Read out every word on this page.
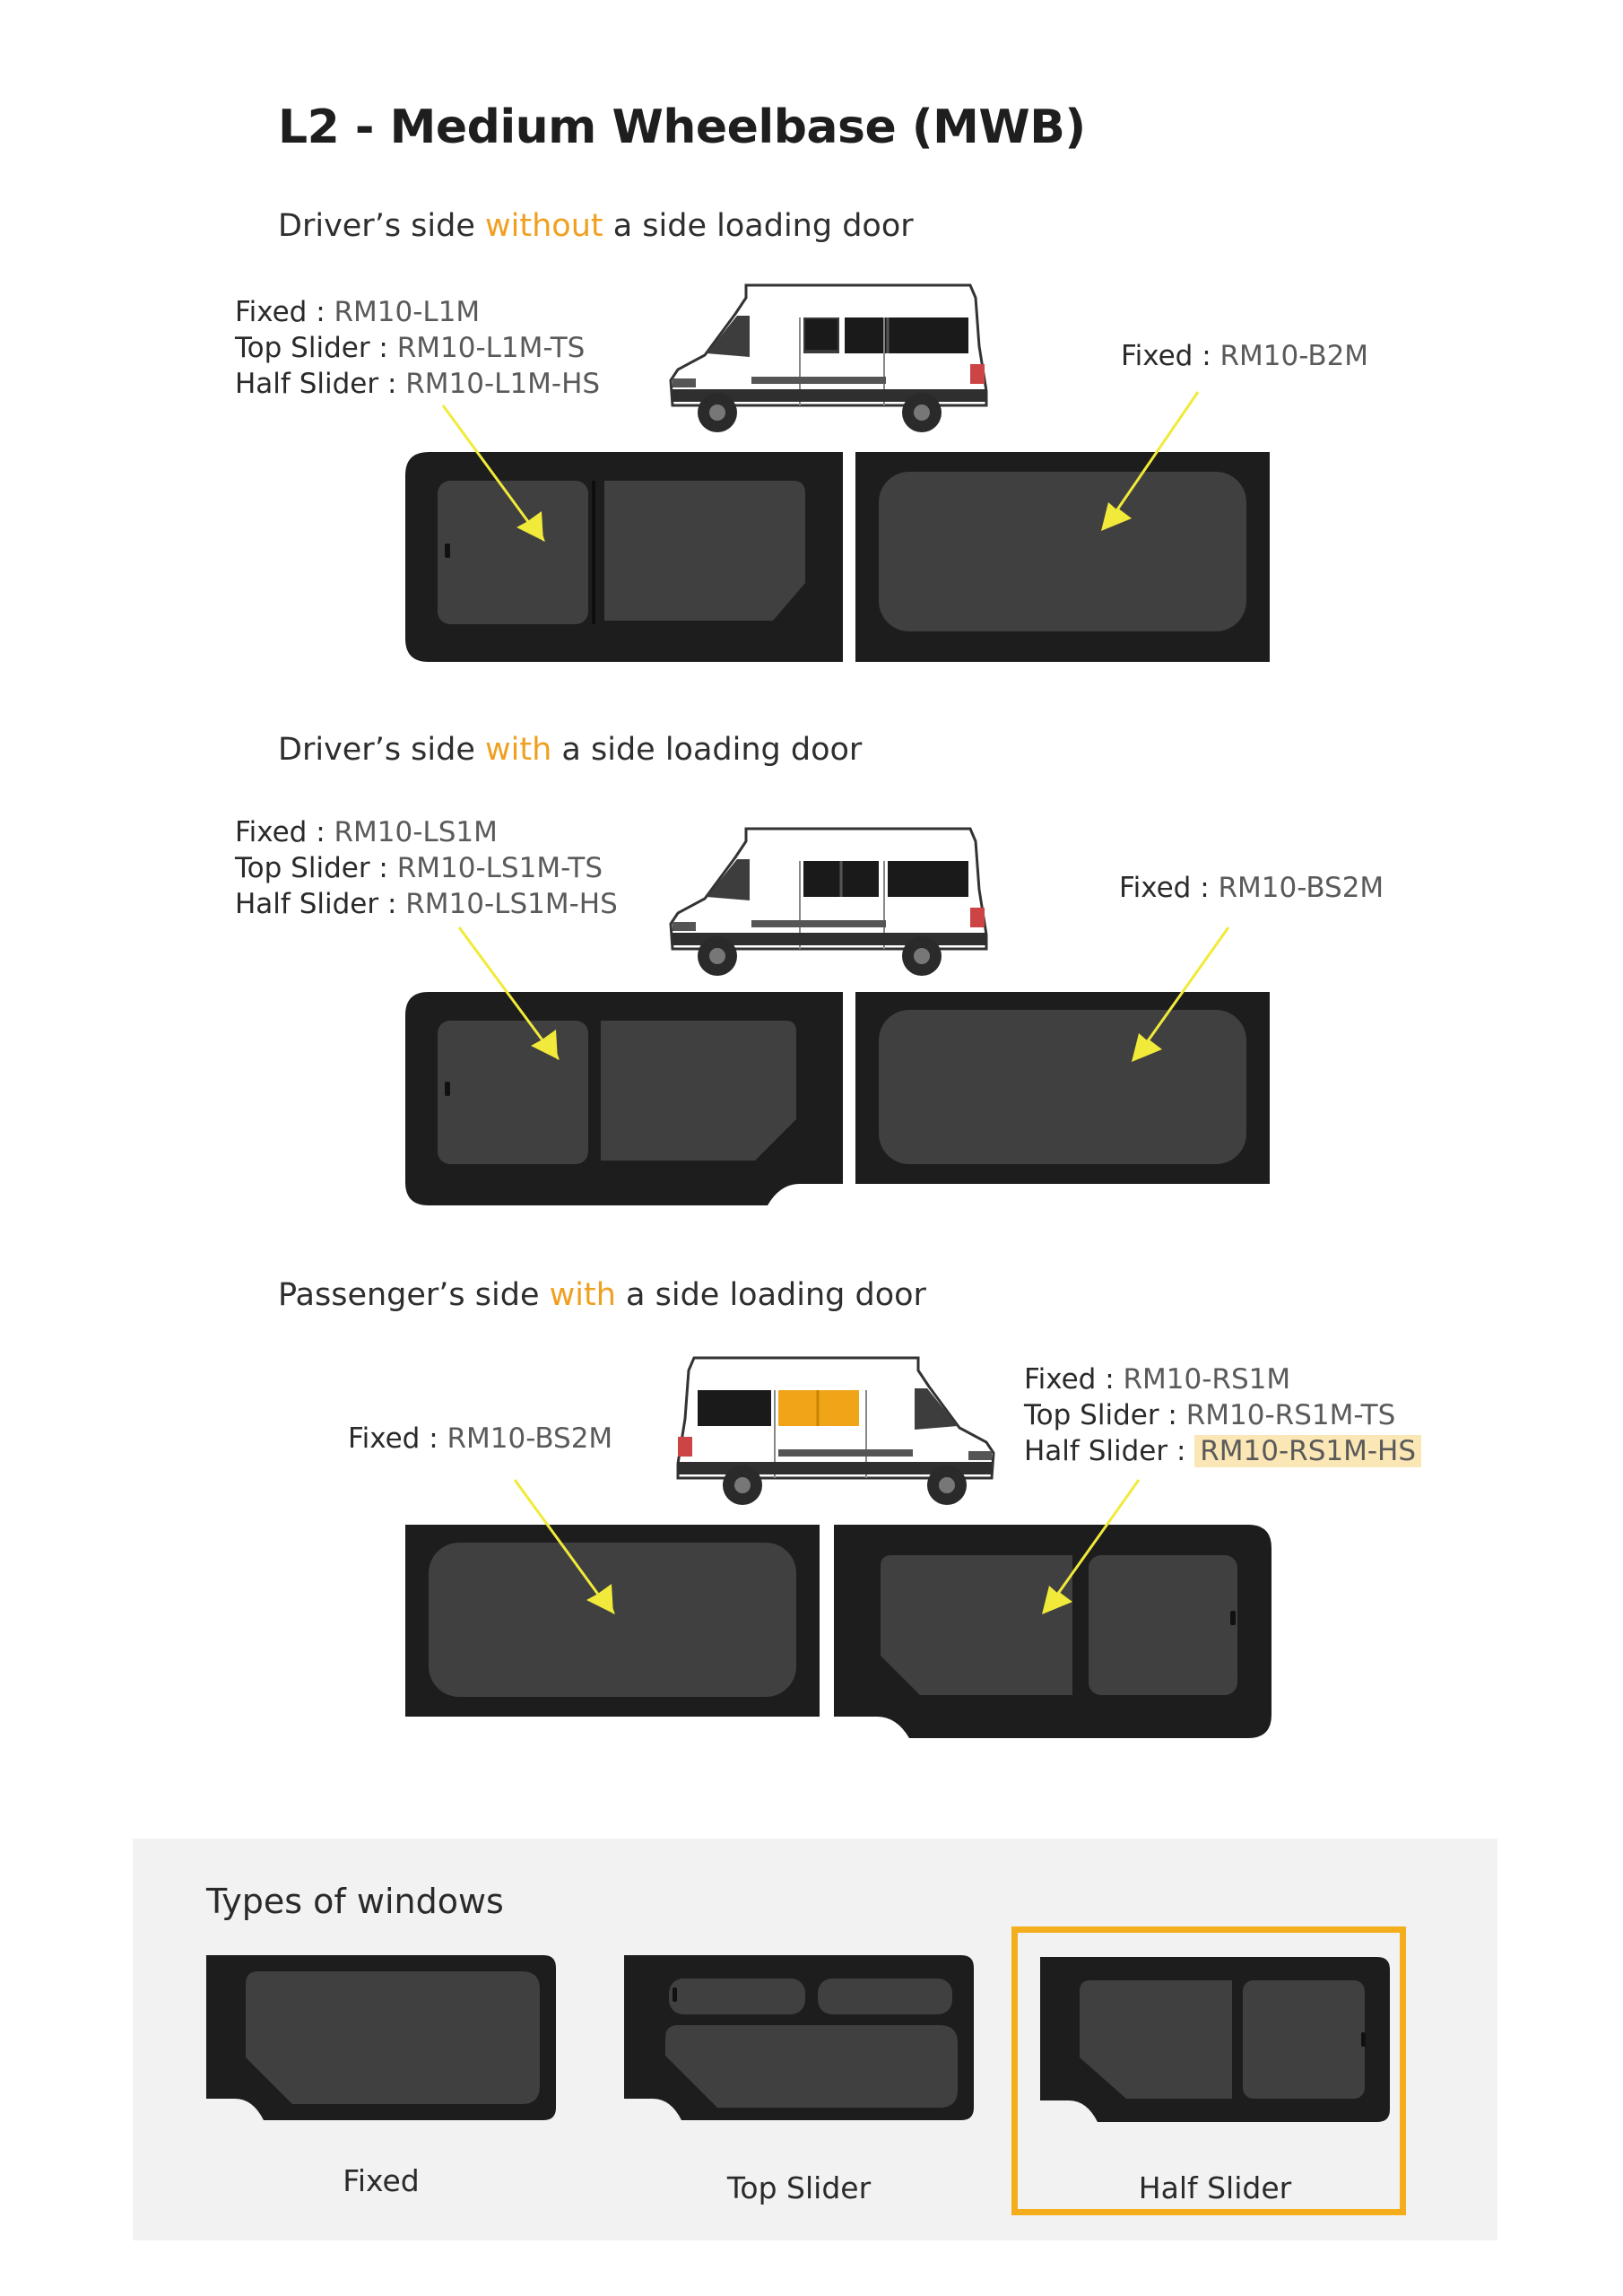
L2 - Medium Wheelbase (MWB)
Driver’s side without a side loading door
Fixed : RM10-L1M
Top Slider : RM10-L1M-TS
Half Slider : RM10-L1M-HS
Fixed : RM10-B2M
Driver’s side with a side loading door
Fixed : RM10-LS1M
Top Slider : RM10-LS1M-TS
Half Slider : RM10-LS1M-HS	Fixed : RM10-BS2M
Passenger’s side with a side loading door
Fixed : RM10-BS2M
Fixed : RM10-RS1M
Top Slider : RM10-RS1M-TS
Half Slider : RM10-RS1M-HS
Types of windows
Fixed	Top Slider	Half Slider
